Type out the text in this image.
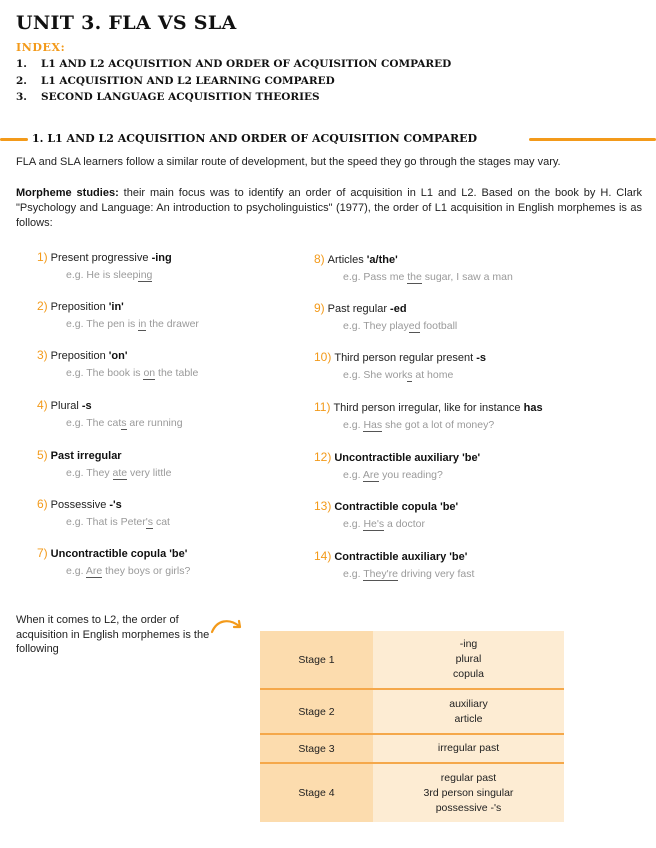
UNIT 3. FLA VS SLA
INDEX:
1. L1 AND L2 ACQUISITION AND ORDER OF ACQUISITION COMPARED
2. L1 ACQUISITION AND L2 LEARNING COMPARED
3. SECOND LANGUAGE ACQUISITION THEORIES
1. L1 AND L2 ACQUISITION AND ORDER OF ACQUISITION COMPARED

FLA and SLA learners follow a similar route of development, but the speed they go through the stages may vary.

Morpheme studies: their main focus was to identify an order of acquisition in L1 and L2. Based on the book by H. Clark "Psychology and Language: An introduction to psycholinguistics" (1977), the order of L1 acquisition in English morphemes is as follows:

1) Present progressive -ing
e.g. He is sleeping
2) Preposition 'in'
e.g. The pen is in the drawer
3) Preposition 'on'
e.g. The book is on the table
4) Plural -s
e.g. The cats are running
5) Past irregular
e.g. They ate very little
6) Possessive -'s
e.g. That is Peter's cat
7) Uncontractible copula 'be'
e.g. Are they boys or girls?
8) Articles 'a/the'
e.g. Pass me the sugar, I saw a man
9) Past regular -ed
e.g. They played football
10) Third person regular present -s
e.g. She works at home
11) Third person irregular, like for instance has
e.g. Has she got a lot of money?
12) Uncontractible auxiliary 'be'
e.g. Are you reading?
13) Contractible copula 'be'
e.g. He's a doctor
14) Contractible auxiliary 'be'
e.g. They're driving very fast
When it comes to L2, the order of acquisition in English morphemes is the following
Stage 1	-ing
plural
copula

Stage 2	auxiliary
article

Stage 3	irregular past

Stage 4	regular past
3rd person singular
possessive -'s
